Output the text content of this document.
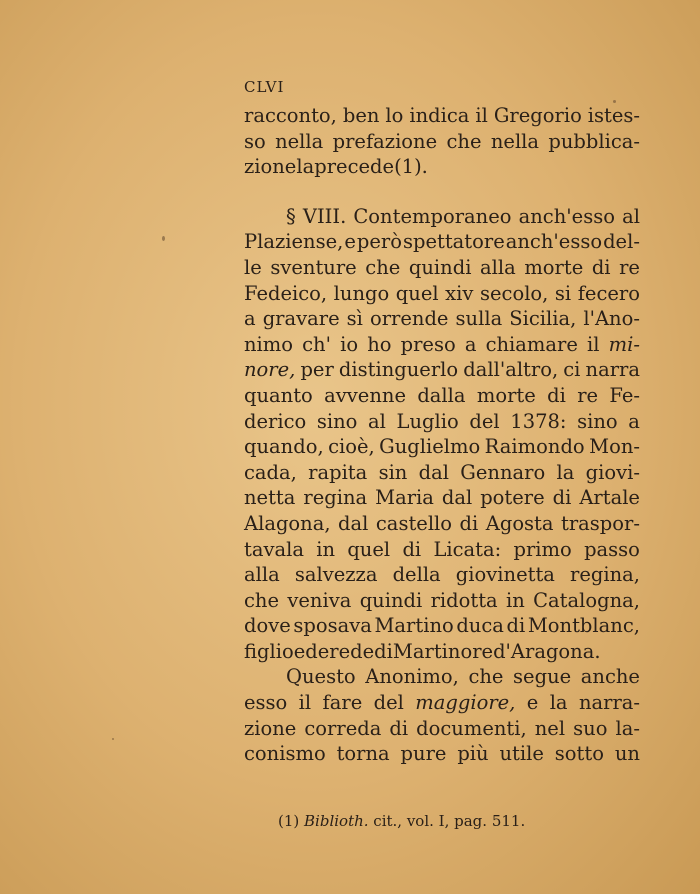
CLVI
racconto, ben lo indica il Gregorio istes-
so nella prefazione che nella pubblica-
zione la precede (1).
§ VIII. Contemporaneo anch'esso al
Plaziense, e però spettatore anch'esso del-
le sventure che quindi alla morte di re
Fedeico, lungo quel xiv secolo, si fecero
a gravare sì orrende sulla Sicilia, l'Ano-
nimo ch' io ho preso a chiamare il mi-
nore, per distinguerlo dall'altro, ci narra
quanto avvenne dalla morte di re Fe-
derico sino al Luglio del 1378: sino a
quando, cioè, Guglielmo Raimondo Mon-
cada, rapita sin dal Gennaro la giovi-
netta regina Maria dal potere di Artale
Alagona, dal castello di Agosta traspor-
tavala in quel di Licata: primo passo
alla salvezza della giovinetta regina,
che veniva quindi ridotta in Catalogna,
dove sposava Martino duca di Montblanc,
figlio ed erede di Martino re d'Aragona.
Questo Anonimo, che segue anche
esso il fare del maggiore, e la narra-
zione correda di documenti, nel suo la-
conismo torna pure più utile sotto un
(1) Biblioth. cit., vol. I, pag. 511.
